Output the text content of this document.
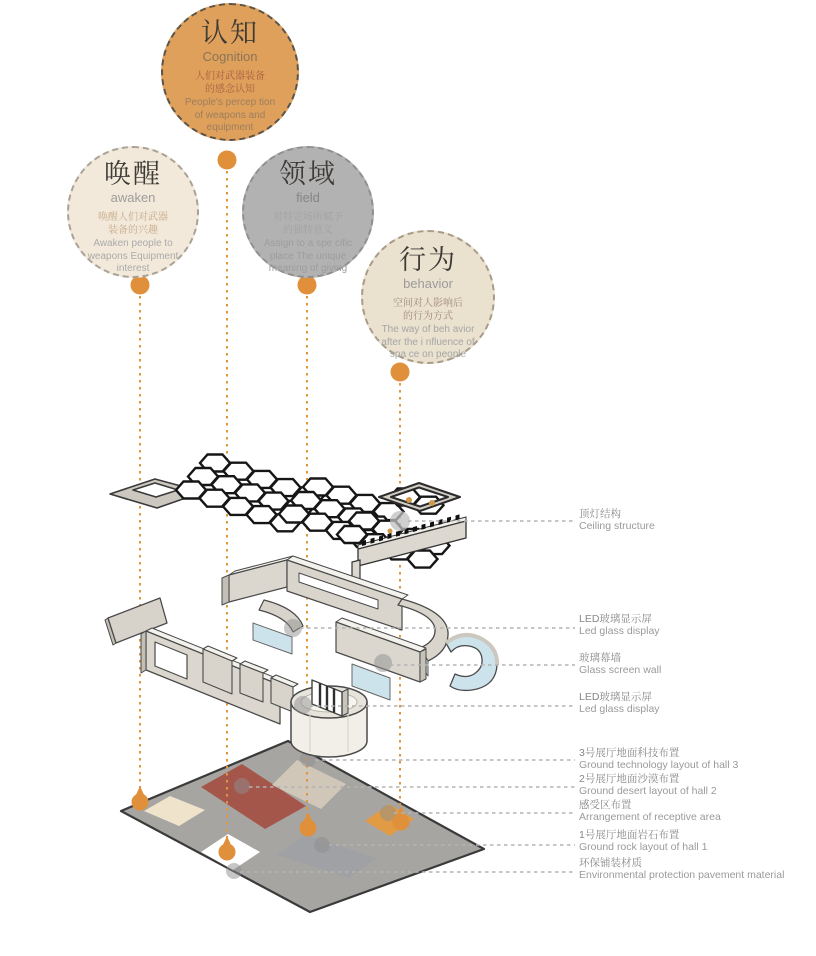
认知
Cognition
人们对武器装备的感念认知
People's percep tion of weapons and equipment
唤醒
awaken
唤醒人们对武器装备的兴趣
Awaken people to weapons Equipment interest
领域
field
对特定场所赋予的独特意义
Assign to a spe cific place The unique meaning of giving	行为
behavior
空间对人影响后的行为方式
The way of beh avior after the i nfluence of spa ce on people
顶灯结构
Ceiling structure
LED玻璃显示屏
Led glass display
玻璃幕墙
Glass screen wall
LED玻璃显示屏
Led glass display
3号展厅地面科技布置
Ground technology layout of hall 3
2号展厅地面沙漠布置
Ground desert layout of hall 2
感受区布置
Arrangement of receptive area
1号展厅地面岩石布置
Ground rock layout of hall 1
环保铺装材质
Environmental protection pavement material
